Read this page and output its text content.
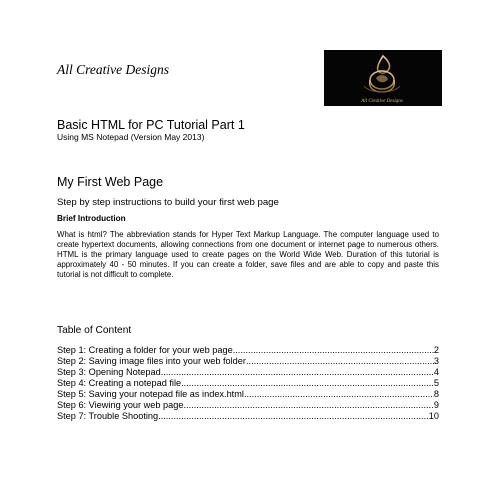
All Creative Designs
All Creative Designs
Basic HTML for PC Tutorial Part 1
Using MS Notepad (Version May 2013)
My First Web Page
Step by step instructions to build your first web page
Brief Introduction

What is html? The abbreviation stands for Hyper Text Markup Language. The computer language used to create hypertext documents, allowing connections from one document or internet page to numerous others. HTML is the primary language used to create pages on the World Wide Web. Duration of this tutorial is approximately 40 - 50 minutes. If you can create a folder, save files and are able to copy and paste this tutorial is not difficult to complete.

Table of Content
Step 1: Creating a folder for your web page .....	2
Step 2: Saving image files into your web folder .....	3
Step 3: Opening Notepad .....	4
Step 4: Creating a notepad file .....	5
Step 5: Saving your notepad file as index.html .....	8
Step 6: Viewing your web page .....	9
Step 7: Trouble Shooting .....	10
